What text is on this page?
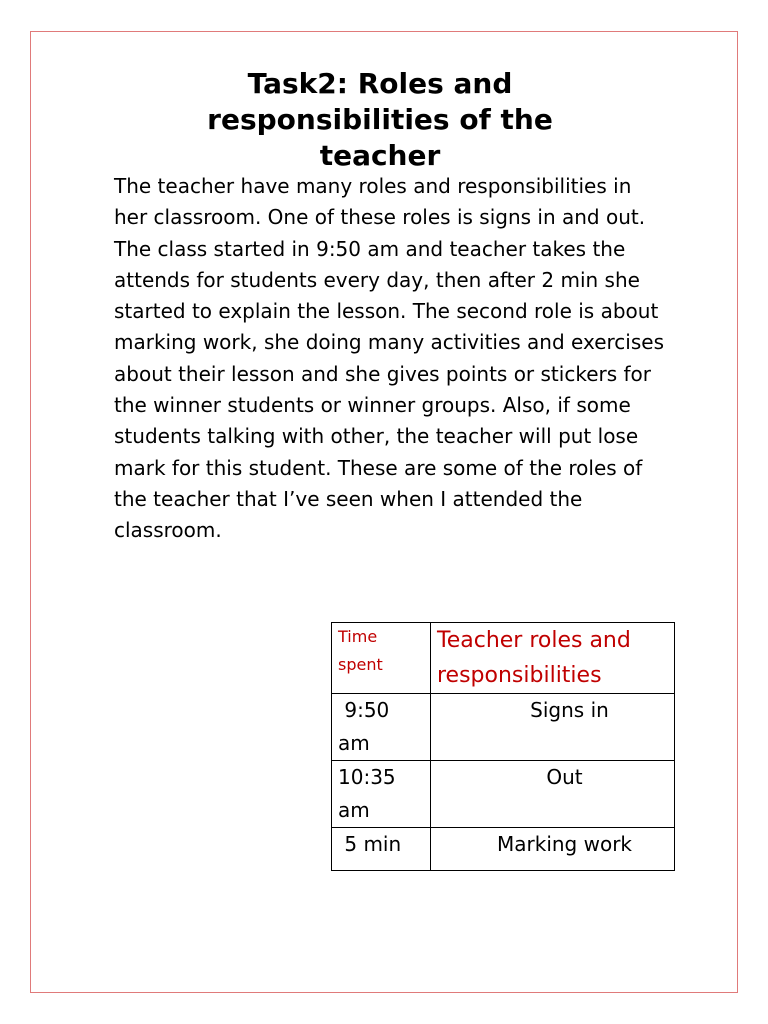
Task2: Roles and responsibilities of the teacher
The teacher have many roles and responsibilities in her classroom. One of these roles is signs in and out. The class started in 9:50 am and teacher takes the attends for students every day, then after 2 min she started to explain the lesson. The second role is about marking work, she doing many activities and exercises about their lesson and she gives points or stickers for the winner students or winner groups. Also, if some students talking with other, the teacher will put lose mark for this student. These are some of the roles of the teacher that I’ve seen when I attended the classroom.
Time spent	Teacher roles and responsibilities
9:50 am	Signs in
10:35 am	Out
5 min	Marking work
